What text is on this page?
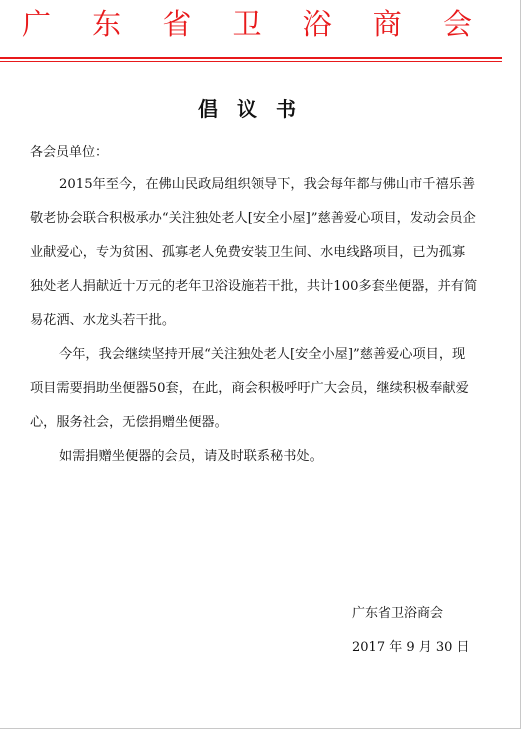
广 东 省 卫 浴 商 会
倡 议 书
各会员单位：

2015年至今，在佛山民政局组织领导下，我会每年都与佛山市千禧乐善敬老协会联合积极承办“关注独处老人[安全小屋]”慈善爱心项目，发动会员企业献爱心，专为贫困、孤寡老人免费安装卫生间、水电线路项目，已为孤寡独处老人捐献近十万元的老年卫浴设施若干批，共计100多套坐便器，并有简易花洒、水龙头若干批。

今年，我会继续坚持开展“关注独处老人[安全小屋]”慈善爱心项目，现项目需要捐助坐便器50套，在此，商会积极呼吁广大会员，继续积极奉献爱心，服务社会，无偿捐赠坐便器。

如需捐赠坐便器的会员，请及时联系秘书处。

广东省卫浴商会
2017 年 9 月 30 日
